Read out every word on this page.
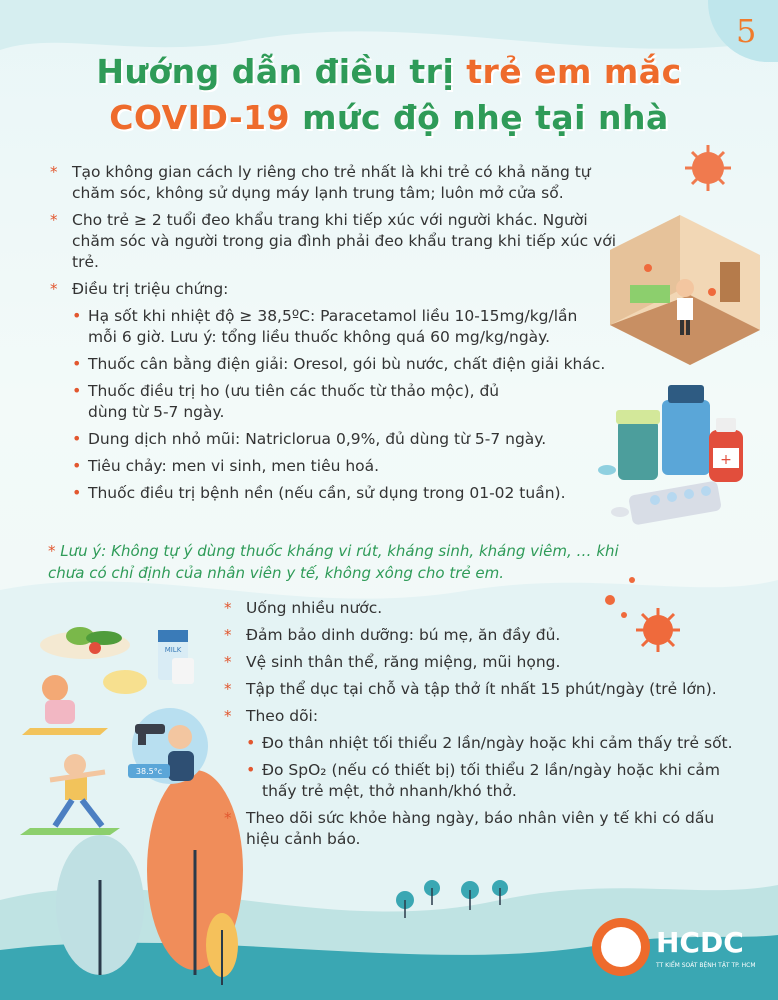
+
38.5°c
MILK
5
Hướng dẫn điều trị trẻ em mắc
COVID-19 mức độ nhẹ tại nhà
* Tạo không gian cách ly riêng cho trẻ nhất là khi trẻ có khả năng tự chăm sóc, không sử dụng máy lạnh trung tâm; luôn mở cửa sổ.
* Cho trẻ ≥ 2 tuổi đeo khẩu trang khi tiếp xúc với người khác. Người chăm sóc và người trong gia đình phải đeo khẩu trang khi tiếp xúc với trẻ.
* Điều trị triệu chứng:
• Hạ sốt khi nhiệt độ ≥ 38,5ºC: Paracetamol liều 10-15mg/kg/lần mỗi 6 giờ. Lưu ý: tổng liều thuốc không quá 60 mg/kg/ngày.
• Thuốc cân bằng điện giải: Oresol, gói bù nước, chất điện giải khác.
• Thuốc điều trị ho (ưu tiên các thuốc từ thảo mộc), đủ dùng từ 5-7 ngày.
• Dung dịch nhỏ mũi: Natriclorua 0,9%, đủ dùng từ 5-7 ngày.
• Tiêu chảy: men vi sinh, men tiêu hoá.
• Thuốc điều trị bệnh nền (nếu cần, sử dụng trong 01-02 tuần).
* Lưu ý: Không tự ý dùng thuốc kháng vi rút, kháng sinh, kháng viêm, … khi chưa có chỉ định của nhân viên y tế, không xông cho trẻ em.
* Uống nhiều nước.
* Đảm bảo dinh dưỡng: bú mẹ, ăn đầy đủ.
* Vệ sinh thân thể, răng miệng, mũi họng.
* Tập thể dục tại chỗ và tập thở ít nhất 15 phút/ngày (trẻ lớn).
* Theo dõi:
• Đo thân nhiệt tối thiểu 2 lần/ngày hoặc khi cảm thấy trẻ sốt.
• Đo SpO₂ (nếu có thiết bị) tối thiểu 2 lần/ngày hoặc khi cảm thấy trẻ mệt, thở nhanh/khó thở.
* Theo dõi sức khỏe hàng ngày, báo nhân viên y tế khi có dấu hiệu cảnh báo.
HCDC
TT KIỂM SOÁT BỆNH TẬT TP. HCM
